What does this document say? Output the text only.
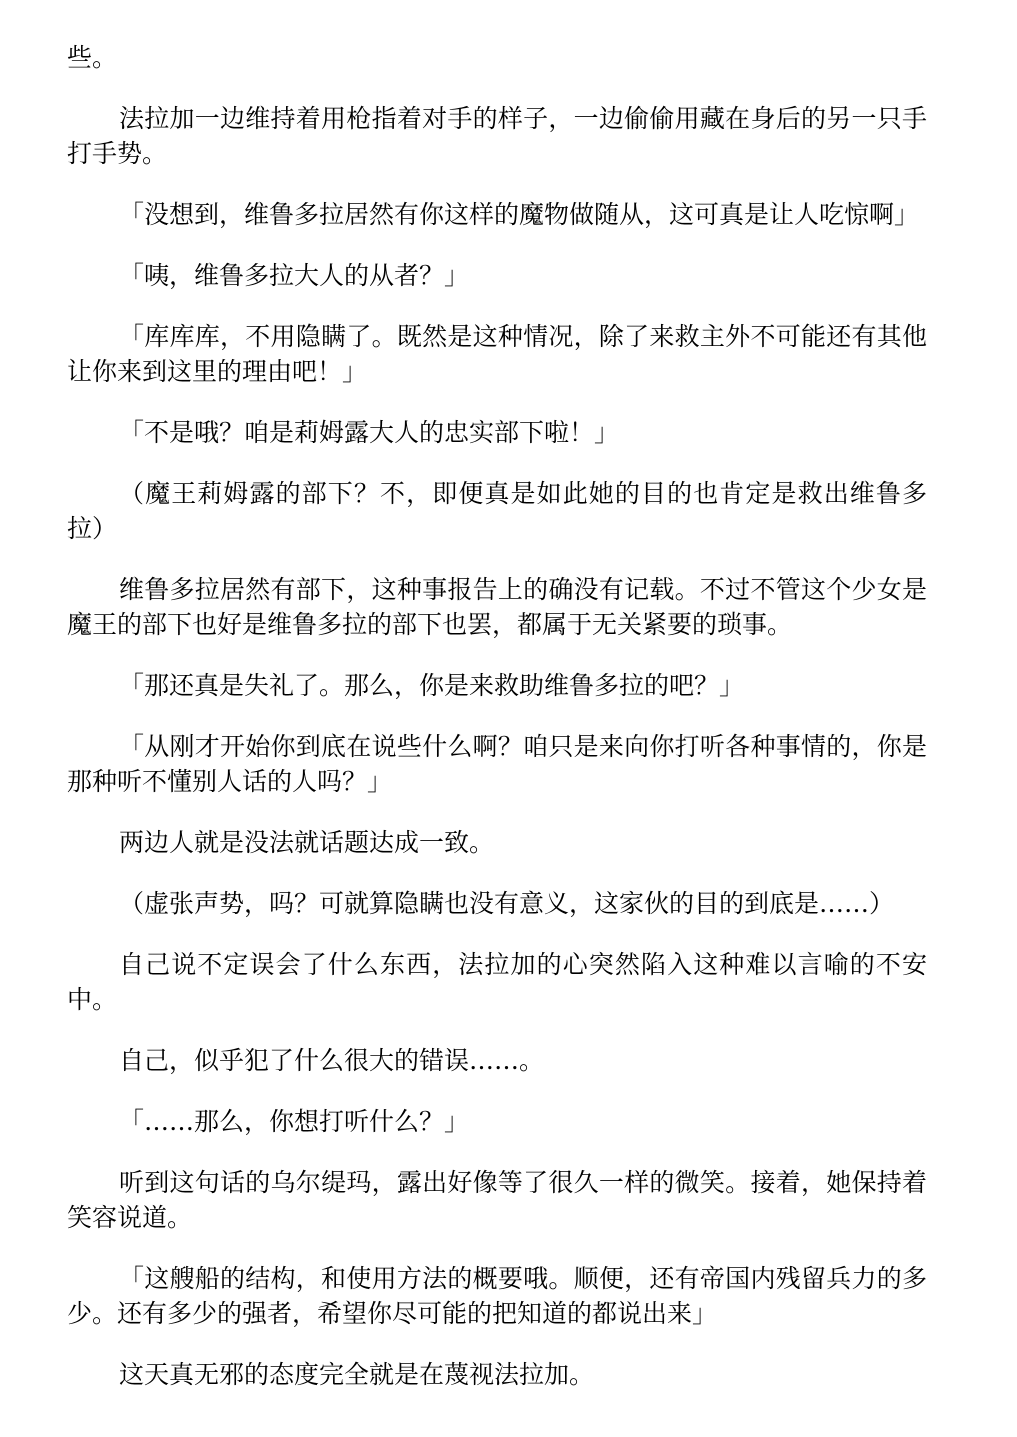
些。

法拉加一边维持着用枪指着对手的样子，一边偷偷用藏在身后的另一只手打手势。

「没想到，维鲁多拉居然有你这样的魔物做随从，这可真是让人吃惊啊」

「咦，维鲁多拉大人的从者？」

「库库库，不用隐瞒了。既然是这种情况，除了来救主外不可能还有其他让你来到这里的理由吧！」

「不是哦？咱是莉姆露大人的忠实部下啦！」

（魔王莉姆露的部下？不，即便真是如此她的目的也肯定是救出维鲁多拉）

维鲁多拉居然有部下，这种事报告上的确没有记载。不过不管这个少女是魔王的部下也好是维鲁多拉的部下也罢，都属于无关紧要的琐事。

「那还真是失礼了。那么，你是来救助维鲁多拉的吧？」

「从刚才开始你到底在说些什么啊？咱只是来向你打听各种事情的，你是那种听不懂别人话的人吗？」

两边人就是没法就话题达成一致。

（虚张声势，吗？可就算隐瞒也没有意义，这家伙的目的到底是……）

自己说不定误会了什么东西，法拉加的心突然陷入这种难以言喻的不安中。

自己，似乎犯了什么很大的错误……。

「……那么，你想打听什么？」

听到这句话的乌尔缇玛，露出好像等了很久一样的微笑。接着，她保持着笑容说道。

「这艘船的结构，和使用方法的概要哦。顺便，还有帝国内残留兵力的多少。还有多少的强者，希望你尽可能的把知道的都说出来」

这天真无邪的态度完全就是在蔑视法拉加。
